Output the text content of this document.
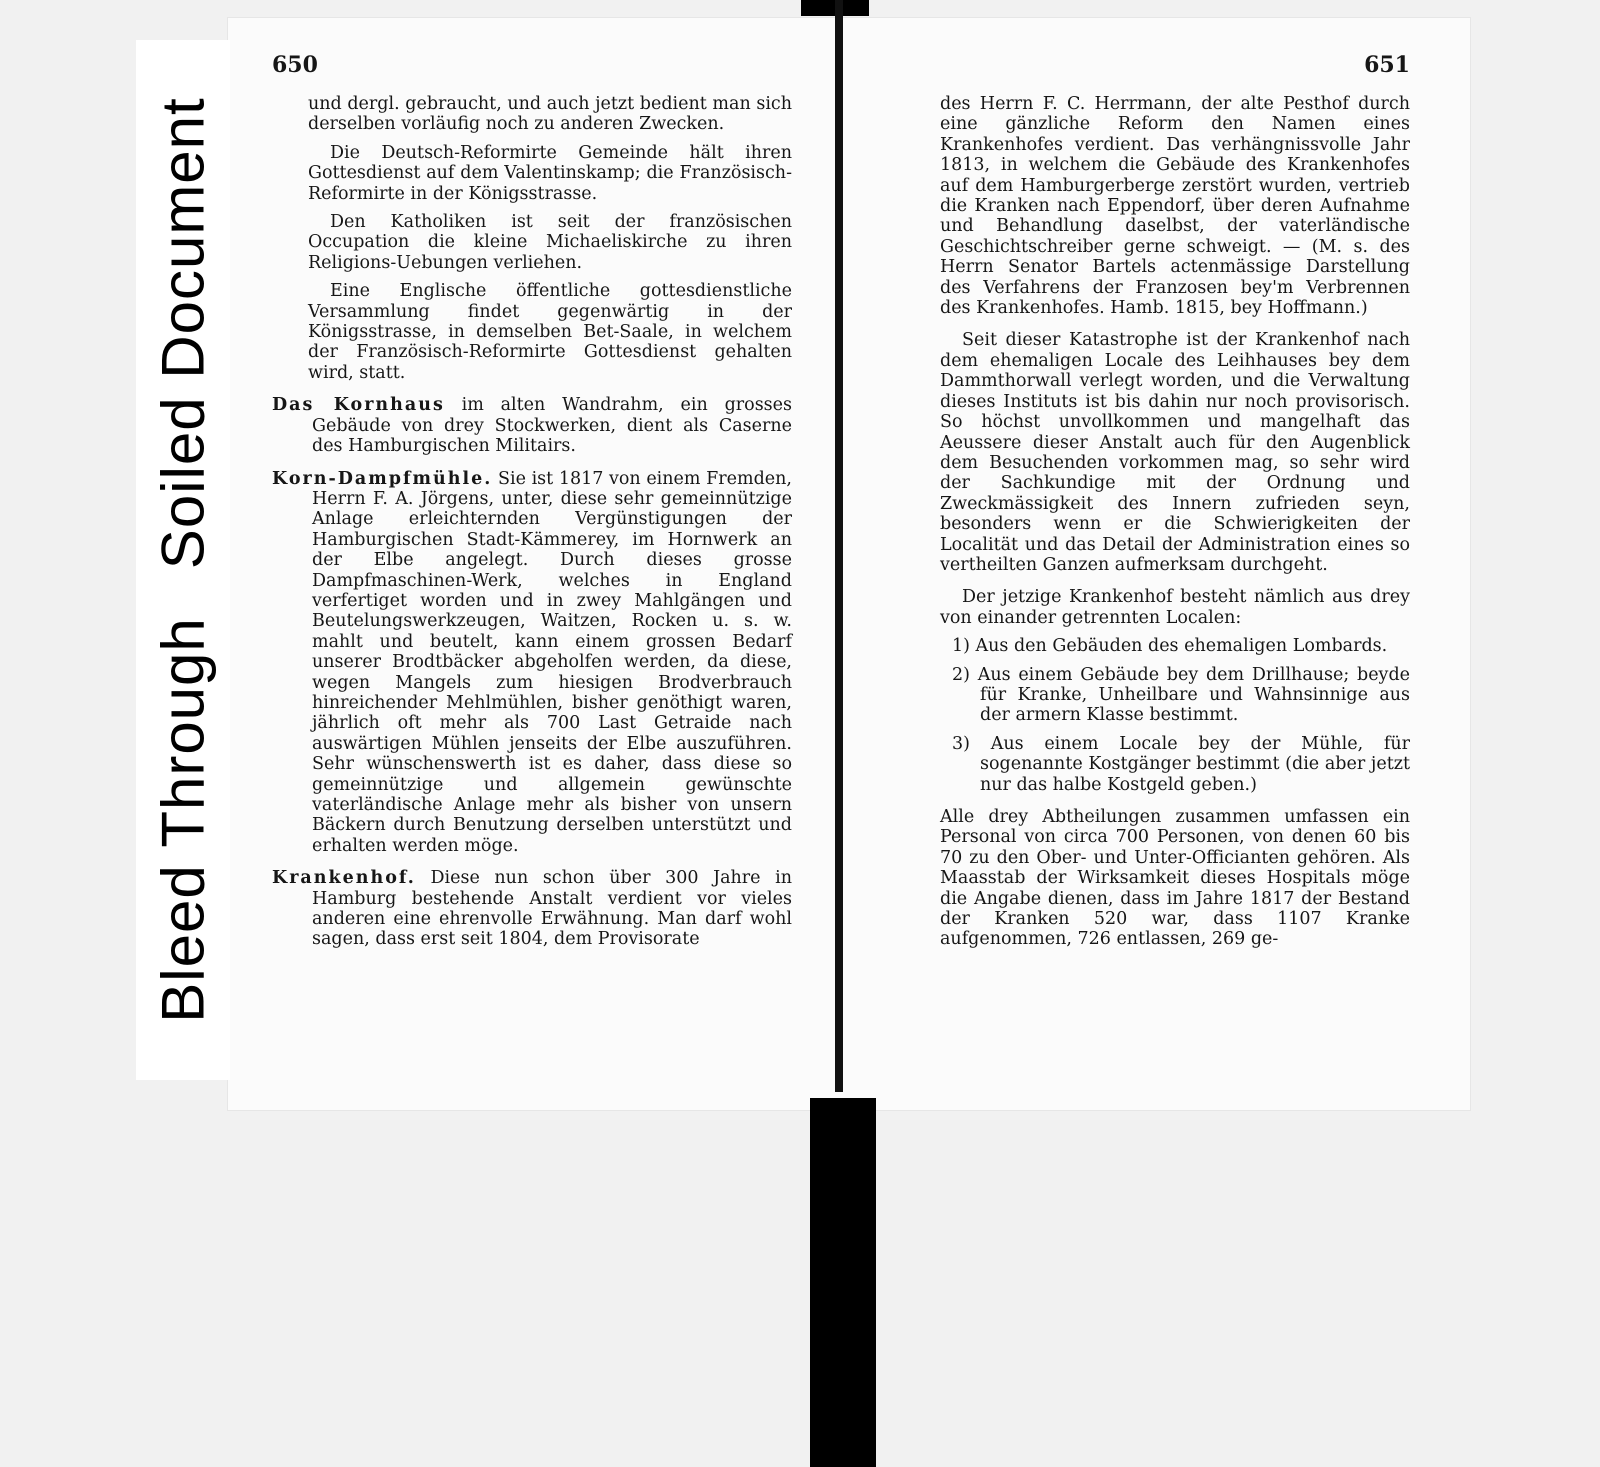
Bleed ThroughSoiled Document
650

und dergl. gebraucht, und auch jetzt bedient man sich derselben vorläufig noch zu anderen Zwecken.

Die Deutsch-Reformirte Gemeinde hält ihren Gottesdienst auf dem Valentinskamp; die Französisch-Reformirte in der Königsstrasse.

Den Katholiken ist seit der französischen Occupation die kleine Michaeliskirche zu ihren Religions-Uebungen verliehen.

Eine Englische öffentliche gottesdienstliche Versammlung findet gegenwärtig in der Königsstrasse, in demselben Bet-Saale, in welchem der Französisch-Reformirte Gottesdienst gehalten wird, statt.

Das Kornhaus im alten Wandrahm, ein grosses Gebäude von drey Stockwerken, dient als Caserne des Hamburgischen Militairs.

Korn-Dampfmühle. Sie ist 1817 von einem Fremden, Herrn F. A. Jörgens, unter, diese sehr gemeinnützige Anlage erleichternden Vergünstigungen der Hamburgischen Stadt-Kämmerey, im Hornwerk an der Elbe angelegt. Durch dieses grosse Dampfmaschinen-Werk, welches in England verfertiget worden und in zwey Mahlgängen und Beutelungswerkzeugen, Waitzen, Rocken u. s. w. mahlt und beutelt, kann einem grossen Bedarf unserer Brodtbäcker abgeholfen werden, da diese, wegen Mangels zum hiesigen Brodverbrauch hinreichender Mehlmühlen, bisher genöthigt waren, jährlich oft mehr als 700 Last Getraide nach auswärtigen Mühlen jenseits der Elbe auszuführen. Sehr wünschenswerth ist es daher, dass diese so gemeinnützige und allgemein gewünschte vaterländische Anlage mehr als bisher von unsern Bäckern durch Benutzung derselben unterstützt und erhalten werden möge.

Krankenhof. Diese nun schon über 300 Jahre in Hamburg bestehende Anstalt verdient vor vieles anderen eine ehrenvolle Erwähnung. Man darf wohl sagen, dass erst seit 1804, dem Provisorate

651

des Herrn F. C. Herrmann, der alte Pesthof durch eine gänzliche Reform den Namen eines Krankenhofes verdient. Das verhängnissvolle Jahr 1813, in welchem die Gebäude des Krankenhofes auf dem Hamburgerberge zerstört wurden, vertrieb die Kranken nach Eppendorf, über deren Aufnahme und Behandlung daselbst, der vaterländische Geschichtschreiber gerne schweigt. — (M. s. des Herrn Senator Bartels actenmässige Darstellung des Verfahrens der Franzosen bey'm Verbrennen des Krankenhofes. Hamb. 1815, bey Hoffmann.)

Seit dieser Katastrophe ist der Krankenhof nach dem ehemaligen Locale des Leihhauses bey dem Dammthorwall verlegt worden, und die Verwaltung dieses Instituts ist bis dahin nur noch provisorisch. So höchst unvollkommen und mangelhaft das Aeussere dieser Anstalt auch für den Augenblick dem Besuchenden vorkommen mag, so sehr wird der Sachkundige mit der Ordnung und Zweckmässigkeit des Innern zufrieden seyn, besonders wenn er die Schwierigkeiten der Localität und das Detail der Administration eines so vertheilten Ganzen aufmerksam durchgeht.

Der jetzige Krankenhof besteht nämlich aus drey von einander getrennten Localen:

1) Aus den Gebäuden des ehemaligen Lombards.

2) Aus einem Gebäude bey dem Drillhause; beyde für Kranke, Unheilbare und Wahnsinnige aus der armern Klasse bestimmt.

3) Aus einem Locale bey der Mühle, für sogenannte Kostgänger bestimmt (die aber jetzt nur das halbe Kostgeld geben.)

Alle drey Abtheilungen zusammen umfassen ein Personal von circa 700 Personen, von denen 60 bis 70 zu den Ober- und Unter-Officianten gehören. Als Maasstab der Wirksamkeit dieses Hospitals möge die Angabe dienen, dass im Jahre 1817 der Bestand der Kranken 520 war, dass 1107 Kranke aufgenommen, 726 entlassen, 269 ge-
